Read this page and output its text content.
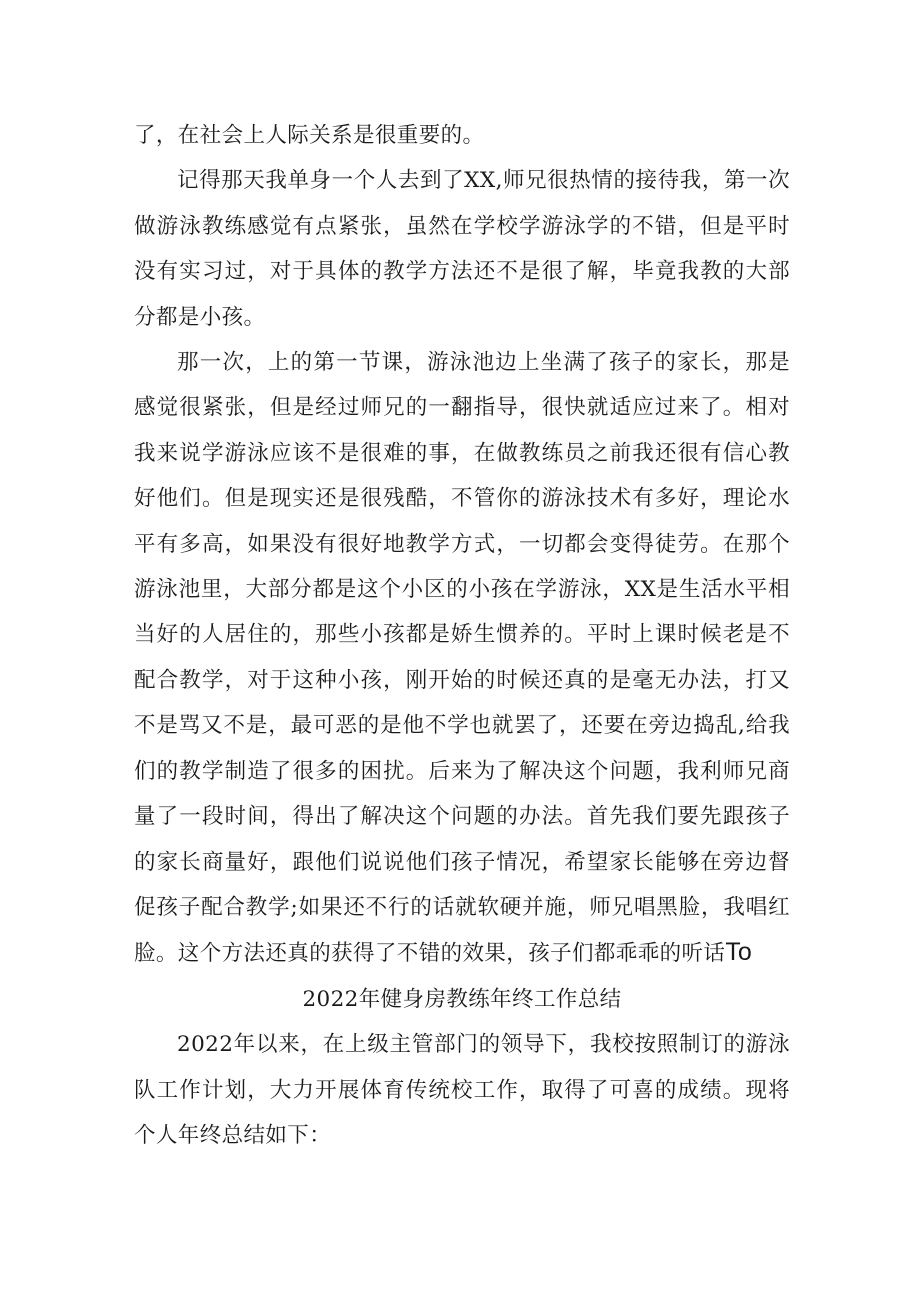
了，在社会上人际关系是很重要的。

记得那天我单身一个人去到了XX,师兄很热情的接待我，第一次做游泳教练感觉有点紧张，虽然在学校学游泳学的不错，但是平时没有实习过，对于具体的教学方法还不是很了解，毕竟我教的大部分都是小孩。

那一次，上的第一节课，游泳池边上坐满了孩子的家长，那是感觉很紧张，但是经过师兄的一翻指导，很快就适应过来了。相对我来说学游泳应该不是很难的事，在做教练员之前我还很有信心教好他们。但是现实还是很残酷，不管你的游泳技术有多好，理论水平有多高，如果没有很好地教学方式，一切都会变得徒劳。在那个游泳池里，大部分都是这个小区的小孩在学游泳，XX是生活水平相当好的人居住的，那些小孩都是娇生惯养的。平时上课时候老是不配合教学，对于这种小孩，刚开始的时候还真的是毫无办法，打又不是骂又不是，最可恶的是他不学也就罢了，还要在旁边捣乱,给我们的教学制造了很多的困扰。后来为了解决这个问题，我利师兄商量了一段时间，得出了解决这个问题的办法。首先我们要先跟孩子的家长商量好，跟他们说说他们孩子情况，希望家长能够在旁边督促孩子配合教学;如果还不行的话就软硬并施，师兄唱黑脸，我唱红脸。这个方法还真的获得了不错的效果，孩子们都乖乖的听话To

2022年健身房教练年终工作总结

2022年以来，在上级主管部门的领导下，我校按照制订的游泳队工作计划，大力开展体育传统校工作，取得了可喜的成绩。现将个人年终总结如下：
